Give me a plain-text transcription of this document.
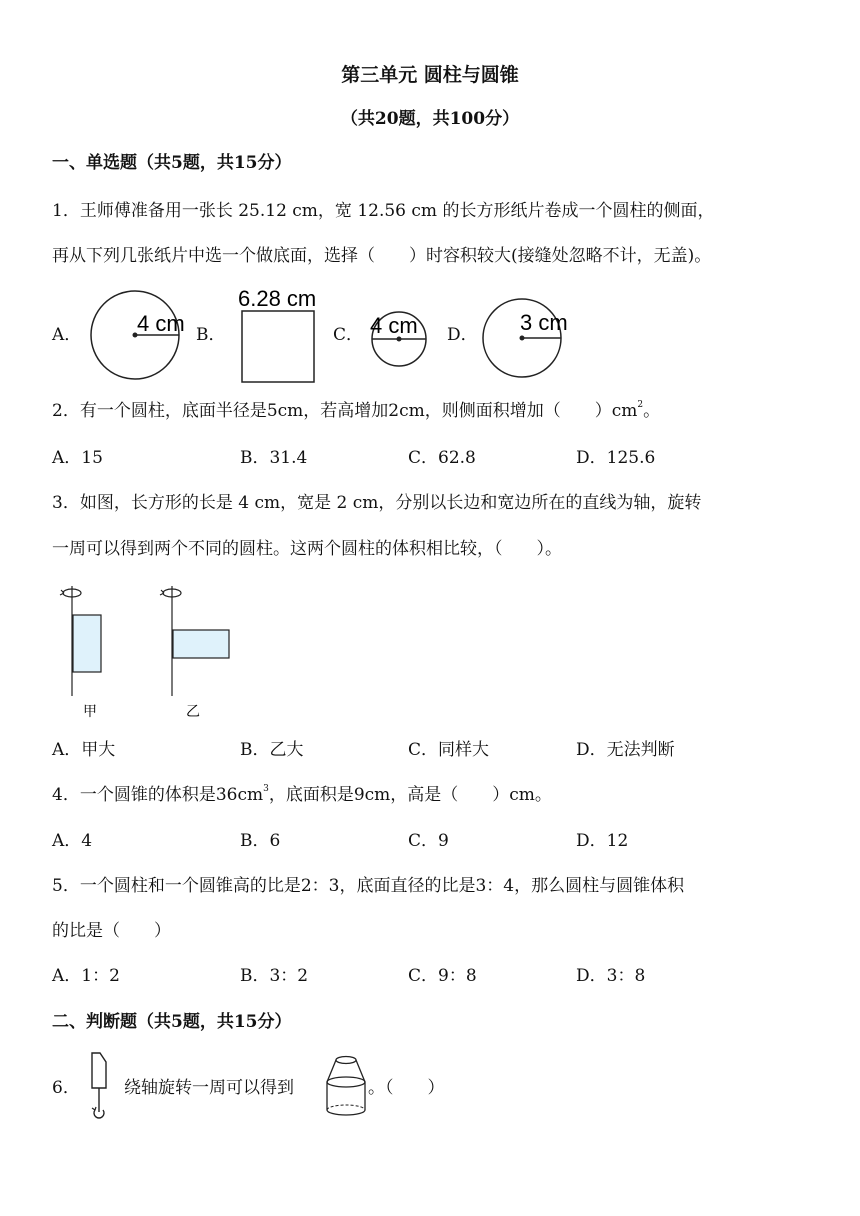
第三单元 圆柱与圆锥
（共20题，共100分）
一、单选题（共5题，共15分）
1．王师傅准备用一张长 25.12 cm，宽 12.56 cm 的长方形纸片卷成一个圆柱的侧面，
再从下列几张纸片中选一个做底面，选择（　　）时容积较大(接缝处忽略不计，无盖)。
A．	B．	C．	D．
4 cm
6.28 cm
4 cm	3 cm
2．有一个圆柱，底面半径是5cm，若高增加2cm，则侧面积增加（　　）$cm^2$。
A．15	B．31.4	C．62.8	D．125.6
3．如图，长方形的长是 4 cm，宽是 2 cm，分别以长边和宽边所在的直线为轴，旋转
一周可以得到两个不同的圆柱。这两个圆柱的体积相比较，（　　）。
甲	乙
A．甲大	B．乙大	C．同样大	D．无法判断
4．一个圆锥的体积是$36cm^3$，底面积是9cm，高是（　　）cm。
A．4	B．6	C．9	D．12
5．一个圆柱和一个圆锥高的比是2：3，底面直径的比是3：4，那么圆柱与圆锥体积
的比是（　　）
A．1：2	B．3：2	C．9：8	D．3：8
二、判断题（共5题，共15分）
6．	绕轴旋转一周可以得到	。（　　）
